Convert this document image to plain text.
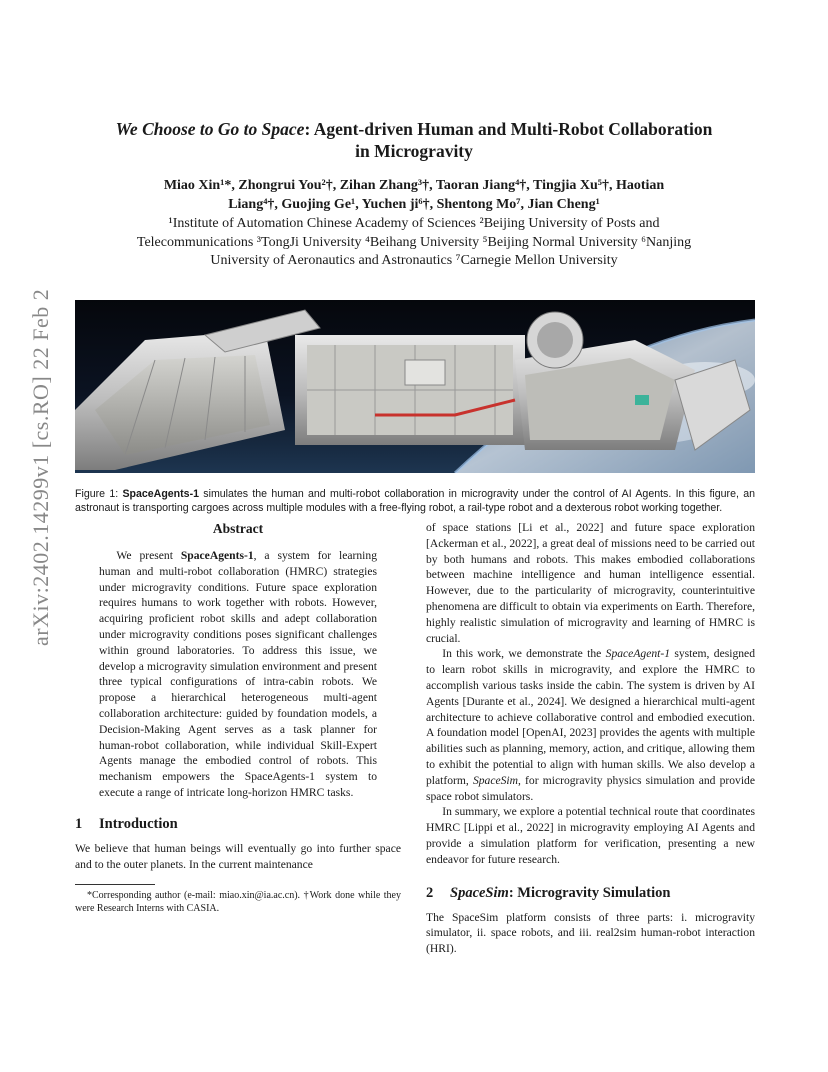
arXiv:2402.14299v1 [cs.RO] 22 Feb 2024
We Choose to Go to Space: Agent-driven Human and Multi-Robot Collaboration
in Microgravity
Miao Xin¹*, Zhongrui You²†, Zihan Zhang³†, Taoran Jiang⁴†, Tingjia Xu⁵†, Haotian
Liang⁴†, Guojing Ge¹, Yuchen ji⁶†, Shentong Mo⁷, Jian Cheng¹
¹Institute of Automation Chinese Academy of Sciences ²Beijing University of Posts and
Telecommunications ³TongJi University ⁴Beihang University ⁵Beijing Normal University ⁶Nanjing
University of Aeronautics and Astronautics ⁷Carnegie Mellon University
Figure 1: SpaceAgents-1 simulates the human and multi-robot collaboration in microgravity under the control of AI Agents. In this figure, an astronaut is transporting cargoes across multiple modules with a free-flying robot, a rail-type robot and a dexterous robot working together.
Abstract

We present SpaceAgents-1, a system for learning human and multi-robot collaboration (HMRC) strategies under microgravity conditions. Future space exploration requires humans to work together with robots. However, acquiring proficient robot skills and adept collaboration under microgravity conditions poses significant challenges within ground laboratories. To address this issue, we develop a microgravity simulation environment and present three typical configurations of intra-cabin robots. We propose a hierarchical heterogeneous multi-agent collaboration architecture: guided by foundation models, a Decision-Making Agent serves as a task planner for human-robot collaboration, while individual Skill-Expert Agents manage the embodied control of robots. This mechanism empowers the SpaceAgents-1 system to execute a range of intricate long-horizon HMRC tasks.

1 Introduction

We believe that human beings will eventually go into further space and to the outer planets. In the current maintenance

*Corresponding author (e-mail: miao.xin@ia.ac.cn). †Work done while they were Research Interns with CASIA.

of space stations [Li et al., 2022] and future space exploration [Ackerman et al., 2022], a great deal of missions need to be carried out by both humans and robots. This makes embodied collaborations between machine intelligence and human intelligence essential. However, due to the particularity of microgravity, counterintuitive phenomena are difficult to obtain via experiments on Earth. Therefore, highly realistic simulation of microgravity and learning of HMRC is crucial.

In this work, we demonstrate the SpaceAgent-1 system, designed to learn robot skills in microgravity, and explore the HMRC to accomplish various tasks inside the cabin. The system is driven by AI Agents [Durante et al., 2024]. We designed a hierarchical multi-agent architecture to achieve collaborative control and embodied execution. A foundation model [OpenAI, 2023] provides the agents with multiple abilities such as planning, memory, action, and critique, allowing them to exhibit the potential to align with human skills. We also develop a platform, SpaceSim, for microgravity physics simulation and provide space robot simulators.

In summary, we explore a potential technical route that coordinates HMRC [Lippi et al., 2022] in microgravity employing AI Agents and provide a simulation platform for verification, presenting a new endeavor for future research.

2 SpaceSim: Microgravity Simulation

The SpaceSim platform consists of three parts: i. microgravity simulator, ii. space robots, and iii. real2sim human-robot interaction (HRI).
